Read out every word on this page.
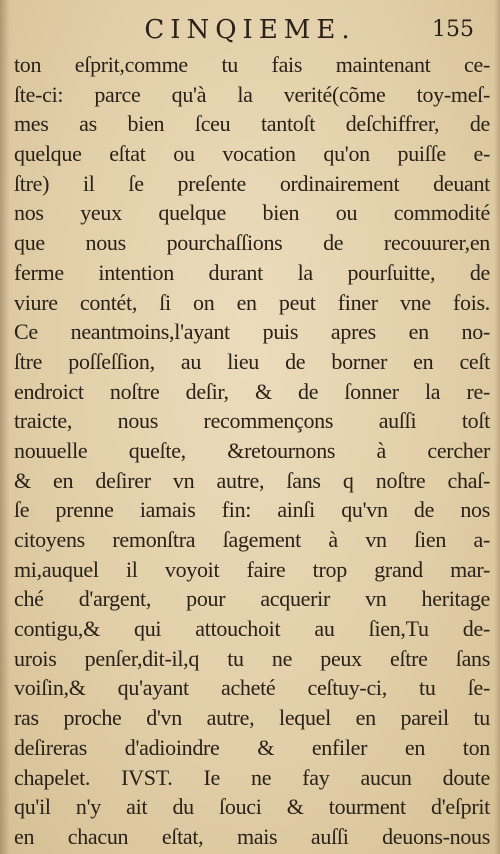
CINQIEME.	155
ton eſprit,comme tu fais maintenant ce-
ſte-ci: parce qu'à la verité(cõme toy-meſ-
mes as bien ſceu tantoſt deſchiffrer, de
quelque eſtat ou vocation qu'on puiſſe e-
ſtre) il ſe preſente ordinairement deuant
nos yeux quelque bien ou commodité
que nous pourchaſſions de recouurer,en
ferme intention durant la pourſuitte, de
viure contét, ſi on en peut finer vne fois.
Ce neantmoins,l'ayant puis apres en no-
ſtre poſſeſſion, au lieu de borner en ceſt
endroict noſtre deſir, & de ſonner la re-
traicte, nous recommençons auſſi toſt
nouuelle queſte, &retournons à cercher
& en deſirer vn autre, ſans q noſtre chaſ-
ſe prenne iamais fin: ainſi qu'vn de nos
citoyens remonſtra ſagement à vn ſien a-
mi,auquel il voyoit faire trop grand mar-
ché d'argent, pour acquerir vn heritage
contigu,& qui attouchoit au ſien,Tu de-
urois penſer,dit-il,q tu ne peux eſtre ſans
voiſin,& qu'ayant acheté ceſtuy-ci, tu ſe-
ras proche d'vn autre, lequel en pareil tu
deſireras d'adioindre & enfiler en ton
chapelet. IVST. Ie ne fay aucun doute
qu'il n'y ait du ſouci & tourment d'eſprit
en chacun eſtat, mais auſſi deuons-nous
